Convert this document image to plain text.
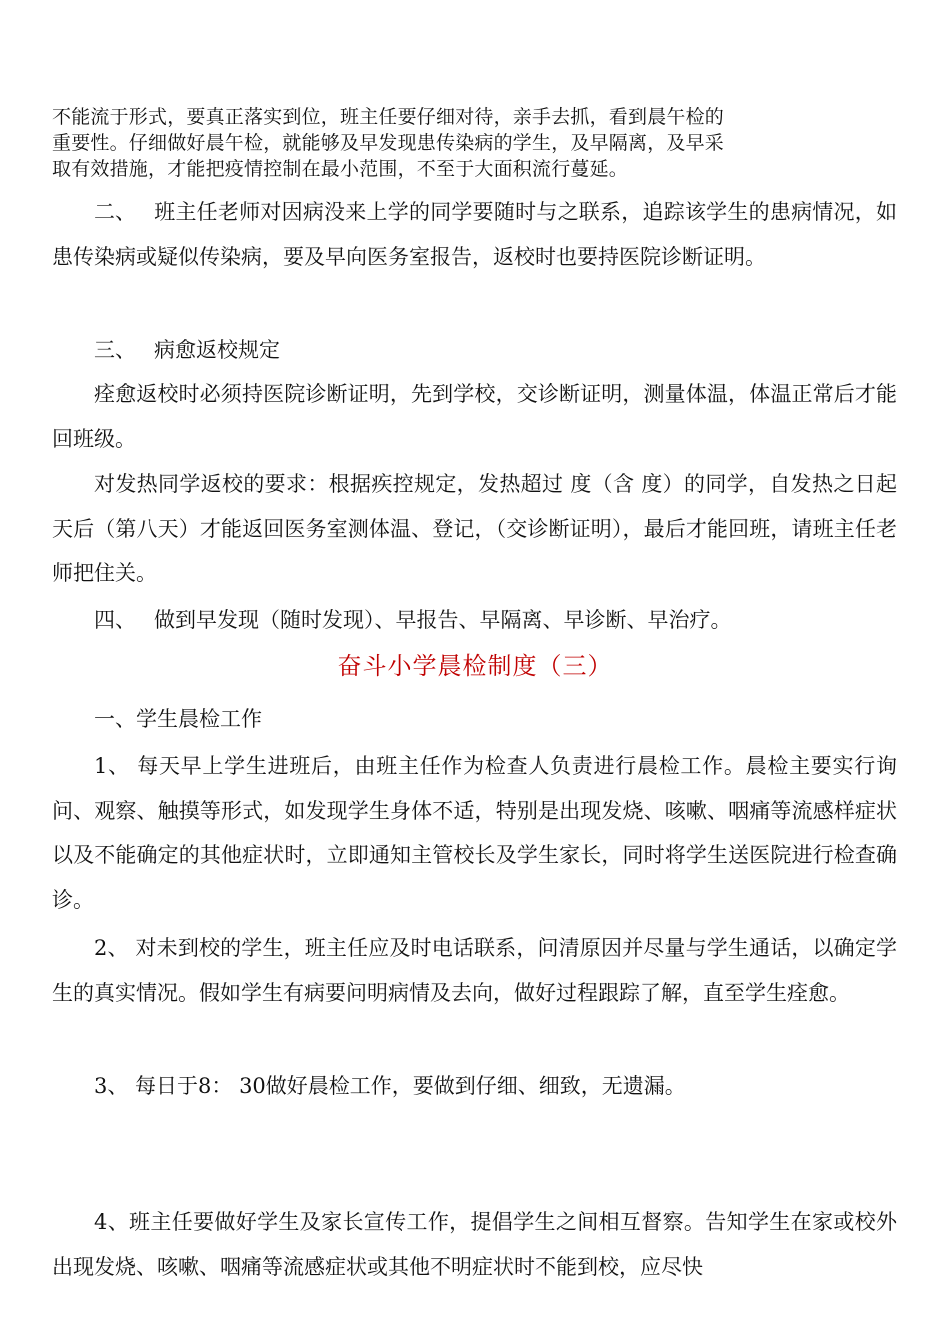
不能流于形式，要真正落实到位，班主任要仔细对待，亲手去抓，看到晨午检的
重要性。仔细做好晨午检，就能够及早发现患传染病的学生，及早隔离，及早采
取有效措施，才能把疫情控制在最小范围，不至于大面积流行蔓延。

二、 班主任老师对因病没来上学的同学要随时与之联系，追踪该学生的患病情况，如患传染病或疑似传染病，要及早向医务室报告，返校时也要持医院诊断证明。

三、 病愈返校规定

痊愈返校时必须持医院诊断证明，先到学校，交诊断证明，测量体温，体温正常后才能回班级。

对发热同学返校的要求：根据疾控规定，发热超过 度（含 度）的同学，自发热之日起 天后（第八天）才能返回医务室测体温、登记，（交诊断证明），最后才能回班，请班主任老师把住关。

四、 做到早发现（随时发现）、早报告、早隔离、早诊断、早治疗。

奋斗小学晨检制度（三）

一、学生晨检工作

1、 每天早上学生进班后，由班主任作为检查人负责进行晨检工作。晨检主要实行询问、观察、触摸等形式，如发现学生身体不适，特别是出现发烧、咳嗽、咽痛等流感样症状以及不能确定的其他症状时，立即通知主管校长及学生家长，同时将学生送医院进行检查确诊。

2、 对未到校的学生，班主任应及时电话联系，问清原因并尽量与学生通话，以确定学生的真实情况。假如学生有病要问明病情及去向，做好过程跟踪了解，直至学生痊愈。

3、 每日于8： 30做好晨检工作，要做到仔细、细致，无遗漏。

4、班主任要做好学生及家长宣传工作，提倡学生之间相互督察。告知学生在家或校外出现发烧、咳嗽、咽痛等流感症状或其他不明症状时不能到校，应尽快
